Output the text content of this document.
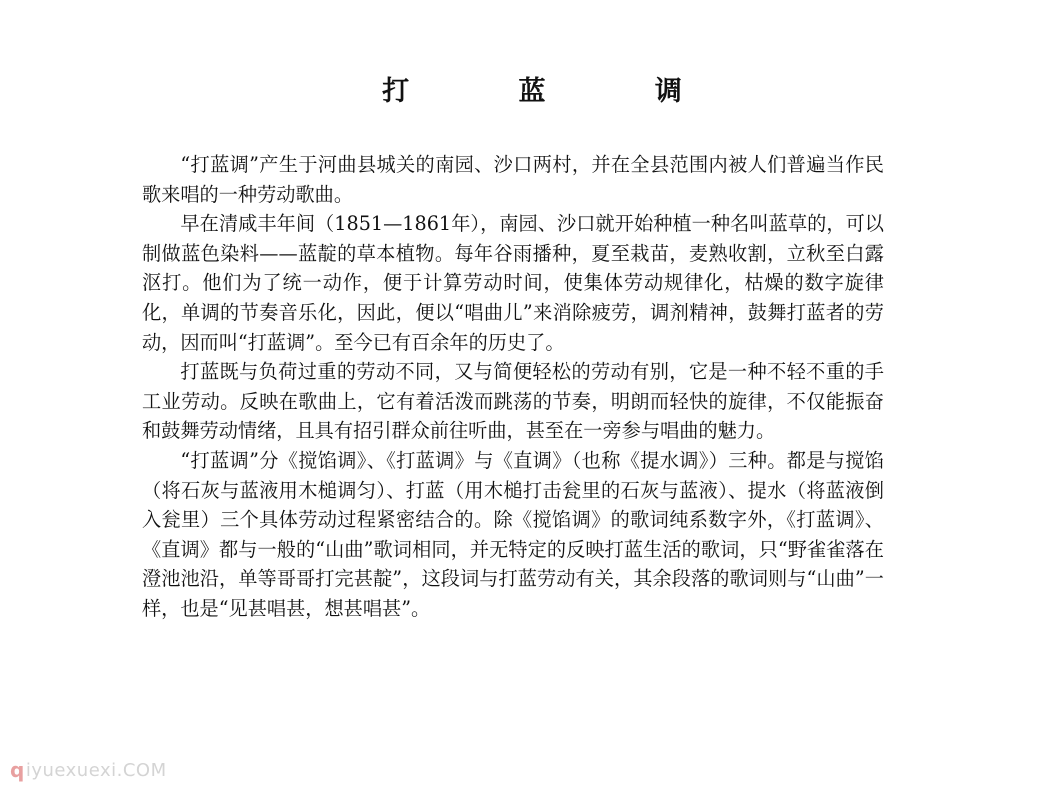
打 蓝 调

“打蓝调”产生于河曲县城关的南园、沙口两村，并在全县范围内被人们普遍当作民歌来唱的一种劳动歌曲。

早在清咸丰年间（1851—1861年），南园、沙口就开始种植一种名叫蓝草的，可以制做蓝色染料——蓝靛的草本植物。每年谷雨播种，夏至栽苗，麦熟收割，立秋至白露沤打。他们为了统一动作，便于计算劳动时间，使集体劳动规律化，枯燥的数字旋律化，单调的节奏音乐化，因此，便以“唱曲儿”来消除疲劳，调剂精神，鼓舞打蓝者的劳动，因而叫“打蓝调”。至今已有百余年的历史了。

打蓝既与负荷过重的劳动不同，又与简便轻松的劳动有别，它是一种不轻不重的手工业劳动。反映在歌曲上，它有着活泼而跳荡的节奏，明朗而轻快的旋律，不仅能振奋和鼓舞劳动情绪，且具有招引群众前往听曲，甚至在一旁参与唱曲的魅力。

“打蓝调”分《搅馅调》、《打蓝调》与《直调》（也称《提水调》）三种。都是与搅馅（将石灰与蓝液用木槌调匀）、打蓝（用木槌打击瓮里的石灰与蓝液）、提水（将蓝液倒入瓮里）三个具体劳动过程紧密结合的。除《搅馅调》的歌词纯系数字外，《打蓝调》、《直调》都与一般的“山曲”歌词相同，并无特定的反映打蓝生活的歌词，只“野雀雀落在澄池池沿，单等哥哥打完甚靛”，这段词与打蓝劳动有关，其余段落的歌词则与“山曲”一样，也是“见甚唱甚，想甚唱甚”。

q iyuexuexi.COM
